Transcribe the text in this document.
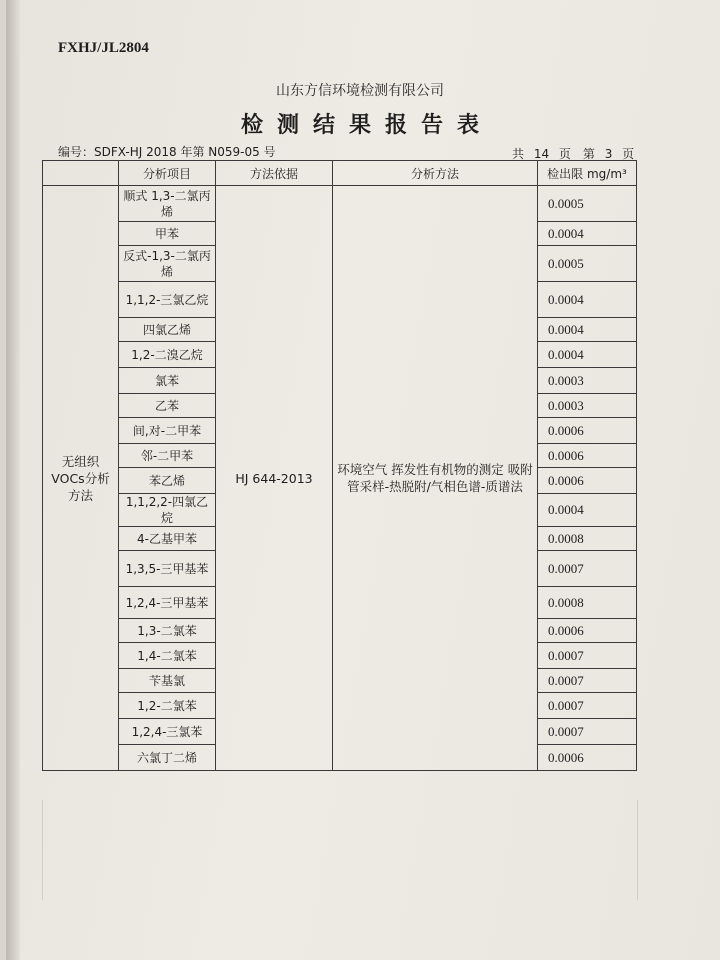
FXHJ/JL2804
山东方信环境检测有限公司
检测结果报告表
编号：SDFX-HJ 2018 年第 N059-05 号	共 14 页 第 3 页
	分析项目	方法依据	分析方法	检出限 mg/m³
无组织 VOCs分析方法	顺式 1,3-二氯丙烯	HJ 644-2013	环境空气 挥发性有机物的测定 吸附管采样-热脱附/气相色谱-质谱法	0.0005
	甲苯			0.0004
	反式-1,3-二氯丙烯			0.0005
	1,1,2-三氯乙烷			0.0004
	四氯乙烯			0.0004
	1,2-二溴乙烷			0.0004
	氯苯			0.0003
	乙苯			0.0003
	间,对-二甲苯			0.0006
	邻-二甲苯			0.0006
	苯乙烯			0.0006
	1,1,2,2-四氯乙烷			0.0004
	4-乙基甲苯			0.0008
	1,3,5-三甲基苯			0.0007
	1,2,4-三甲基苯			0.0008
	1,3-二氯苯			0.0006
	1,4-二氯苯			0.0007
	苄基氯			0.0007
	1,2-二氯苯			0.0007
	1,2,4-三氯苯			0.0007
	六氯丁二烯			0.0006
